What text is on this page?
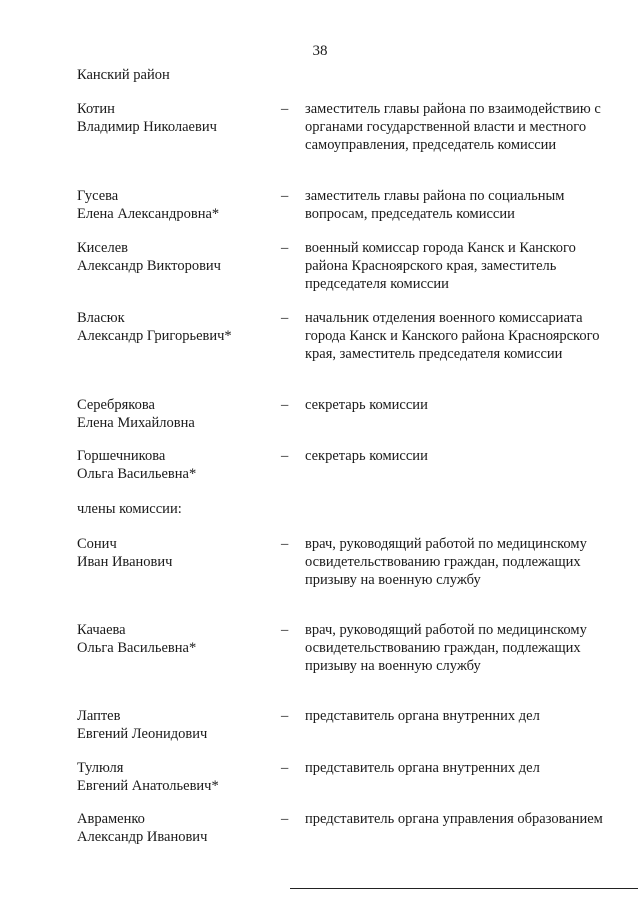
38
Канский район
Котин
Владимир Николаевич
–	заместитель главы района по взаимодействию с органами государственной власти и местного самоуправления, председатель комиссии
Гусева
Елена Александровна*
–	заместитель главы района по социальным вопросам, председатель комиссии
Киселев
Александр Викторович
–	военный комиссар города Канск и Канского района Красноярского края, заместитель председателя комиссии
Власюк
Александр Григорьевич*
–	начальник отделения военного комиссариата города Канск и Канского района Красноярского края, заместитель председателя комиссии
Серебрякова
Елена Михайловна
–	секретарь комиссии
Горшечникова
Ольга Васильевна*
–	секретарь комиссии
члены комиссии:
Сонич
Иван Иванович
–	врач, руководящий работой по медицинскому освидетельствованию граждан, подлежащих призыву на военную службу
Качаева
Ольга Васильевна*
–	врач, руководящий работой по медицинскому освидетельствованию граждан, подлежащих призыву на военную службу
Лаптев
Евгений Леонидович
–	представитель органа внутренних дел
Тулюля
Евгений Анатольевич*
–	представитель органа внутренних дел
Авраменко
Александр Иванович
–	представитель органа управления образованием
